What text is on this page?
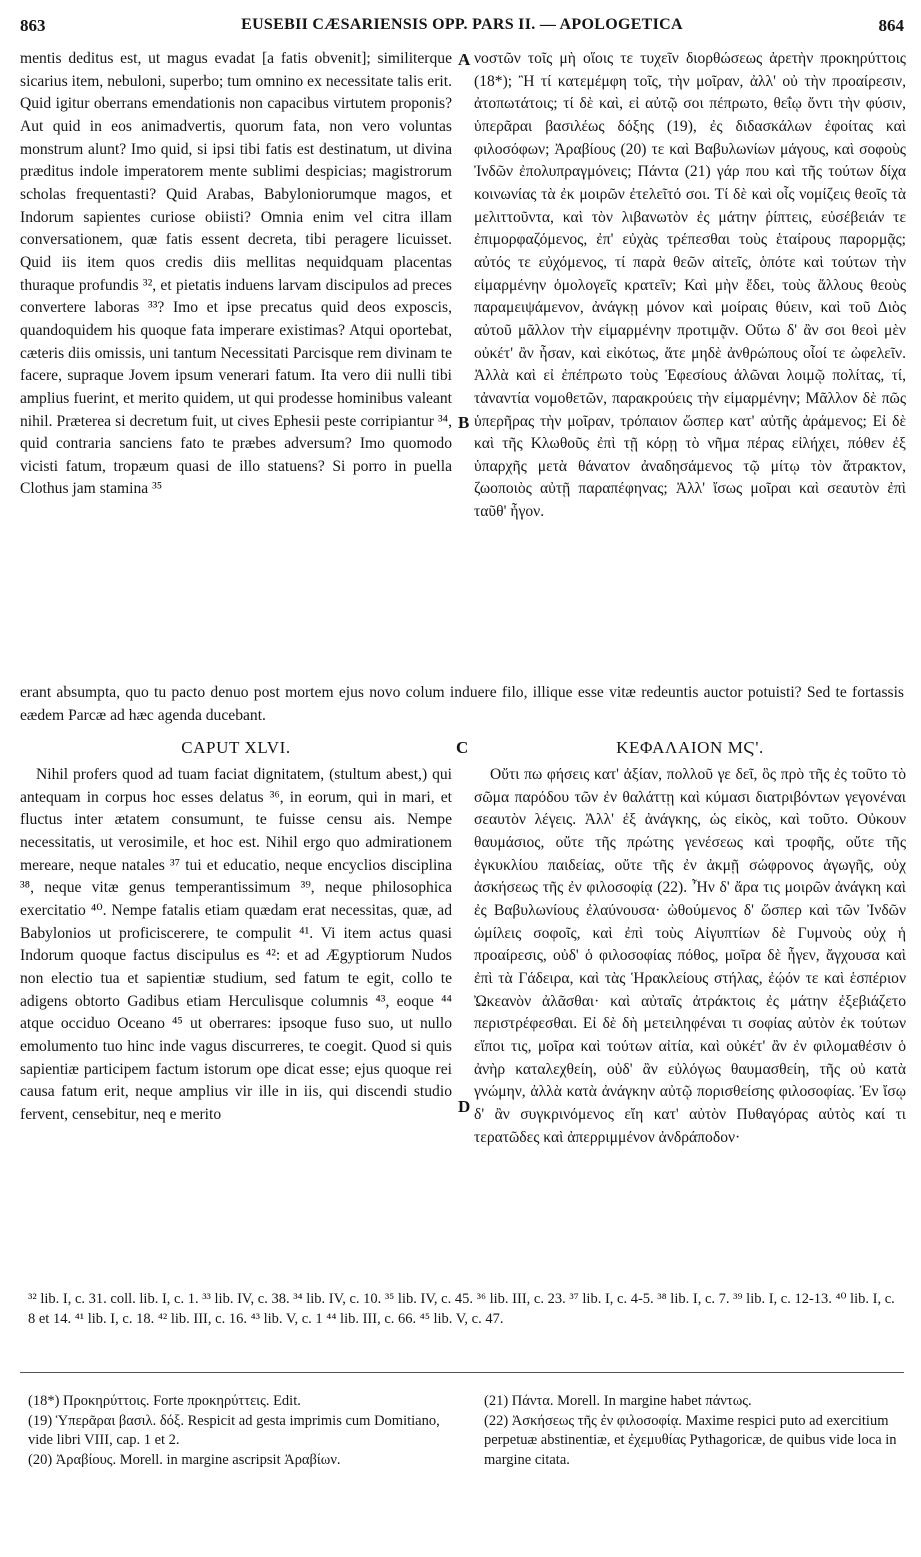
863	EUSEBII CÆSARIENSIS OPP. PARS II. — APOLOGETICA	864

mentis deditus est, ut magus evadat [a fatis obvenit]; similiterque sicarius item, nebuloni, superbo; tum omnino ex necessitate talis erit. Quid igitur oberrans emendationis non capacibus virtutem proponis? Aut quid in eos animadvertis, quorum fata, non vero voluntas monstrum alunt? Imo quid, si ipsi tibi fatis est destinatum, ut divina præditus indole imperatorem mente sublimi despicias; magistrorum scholas frequentasti? Quid Arabas, Babyloniorumque magos, et Indorum sapientes curiose obiisti? Omnia enim vel citra illam conversationem, quæ fatis essent decreta, tibi peragere licuisset. Quid iis item quos credis diis mellitas nequidquam placentas thuraque profundis ³², et pietatis induens larvam discipulos ad preces convertere laboras ³³? Imo et ipse precatus quid deos exposcis, quandoquidem his quoque fata imperare existimas? Atqui oportebat, cæteris diis omissis, uni tantum Necessitati Parcisque rem divinam te facere, supraque Jovem ipsum venerari fatum. Ita vero dii nulli tibi amplius fuerint, et merito quidem, ut qui prodesse hominibus valeant nihil. Præterea si decretum fuit, ut cives Ephesii peste corripiantur ³⁴, quid contraria sanciens fato te præbes adversum? Imo quomodo vicisti fatum, tropæum quasi de illo statuens? Si porro in puella Clothus jam stamina ³⁵

A
B

νοστῶν τοῖς μὴ οἵοις τε τυχεῖν διορθώσεως ἀρετὴν προκηρύττοις (18*); Ἢ τί κατεμέμφη τοῖς, τὴν μοῖραν, ἀλλ' οὐ τὴν προαίρεσιν, ἀτοπωτάτοις; τί δὲ καὶ, εἰ αὐτῷ σοι πέπρωτο, θεΐῳ ὄντι τὴν φύσιν, ὑπερᾶραι βασιλέως δόξης (19), ἐς διδασκάλων ἐφοίτας καὶ φιλοσόφων; Ἀραβίους (20) τε καὶ Βαβυλωνίων μάγους, καὶ σοφοὺς Ἰνδῶν ἐπολυπραγμόνεις; Πάντα (21) γάρ που καὶ τῆς τούτων δίχα κοινωνίας τὰ ἐκ μοιρῶν ἐτελεῖτό σοι. Τί δὲ καὶ οἷς νομίζεις θεοῖς τὰ μελιττοῦντα, καὶ τὸν λιβανωτὸν ἐς μάτην ῥίπτεις, εὐσέβειάν τε ἐπιμορφαζόμενος, ἐπ' εὐχὰς τρέπεσθαι τοὺς ἑταίρους παρορμᾷς; αὐτός τε εὐχόμενος, τί παρὰ θεῶν αἰτεῖς, ὁπότε καὶ τούτων τὴν εἱμαρμένην ὁμολογεῖς κρατεῖν; Καὶ μὴν ἔδει, τοὺς ἄλλους θεοὺς παραμειψάμενον, ἀνάγκῃ μόνον καὶ μοίραις θύειν, καὶ τοῦ Διὸς αὐτοῦ μᾶλλον τὴν εἱμαρμένην προτιμᾷν. Οὕτω δ' ἂν σοι θεοὶ μὲν οὐκέτ' ἂν ἦσαν, καὶ εἰκότως, ἅτε μηδὲ ἀνθρώπους οἷοί τε ὠφελεῖν. Ἀλλὰ καὶ εἰ ἐπέπρωτο τοὺς Ἐφεσίους ἁλῶναι λοιμῷ πολίτας, τί, τἀναντία νομοθετῶν, παρακρούεις τὴν εἱμαρμένην; Μᾶλλον δὲ πῶς ὑπερῆρας τὴν μοῖραν, τρόπαιον ὥσπερ κατ' αὐτῆς ἀράμενος; Εἰ δὲ καὶ τῆς Κλωθοῦς ἐπὶ τῇ κόρῃ τὸ νῆμα πέρας εἰλήχει, πόθεν ἐξ ὑπαρχῆς μετὰ θάνατον ἀναδησάμενος τῷ μίτῳ τὸν ἄτρακτον, ζωοποιὸς αὐτῇ παραπέφηνας; Ἀλλ' ἴσως μοῖραι καὶ σεαυτὸν ἐπὶ ταῦθ' ἦγον.

erant absumpta, quo tu pacto denuo post mortem ejus novo colum induere filo, illique esse vitæ redeuntis auctor potuisti? Sed te fortassis eædem Parcæ ad hæc agenda ducebant.

CAPUT XLVI.	C	ΚΕΦΑΛΑΙΟΝ ΜϚ'.

Nihil profers quod ad tuam faciat dignitatem, (stultum abest,) qui antequam in corpus hoc esses delatus ³⁶, in eorum, qui in mari, et fluctus inter ætatem consumunt, te fuisse censu ais. Nempe necessitatis, ut verosimile, et hoc est. Nihil ergo quo admirationem mereare, neque natales ³⁷ tui et educatio, neque encyclios disciplina ³⁸, neque vitæ genus temperantissimum ³⁹, neque philosophica exercitatio ⁴⁰. Nempe fatalis etiam quædam erat necessitas, quæ, ad Babylonios ut proficiscerere, te compulit ⁴¹. Vi item actus quasi Indorum quoque factus discipulus es ⁴²: et ad Ægyptiorum Nudos non electio tua et sapientiæ studium, sed fatum te egit, collo te adigens obtorto Gadibus etiam Herculisque columnis ⁴³, eoque ⁴⁴ atque occiduo Oceano ⁴⁵ ut oberrares: ipsoque fuso suo, ut nullo emolumento tuo hinc inde vagus discurreres, te coegit. Quod si quis sapientiæ participem factum istorum ope dicat esse; ejus quoque rei causa fatum erit, neque amplius vir ille in iis, qui discendi studio fervent, censebitur, neq e merito	D

Οὔτι πω φήσεις κατ' ἀξίαν, πολλοῦ γε δεῖ, ὃς πρὸ τῆς ἐς τοῦτο τὸ σῶμα παρόδου τῶν ἐν θαλάττῃ καὶ κύμασι διατριβόντων γεγονέναι σεαυτὸν λέγεις. Ἀλλ' ἐξ ἀνάγκης, ὡς εἰκὸς, καὶ τοῦτο. Οὐκουν θαυμάσιος, οὔτε τῆς πρώτης γενέσεως καὶ τροφῆς, οὔτε τῆς ἐγκυκλίου παιδείας, οὔτε τῆς ἐν ἀκμῇ σώφρονος ἀγωγῆς, οὐχ ἀσκήσεως τῆς ἐν φιλοσοφίᾳ (22). Ἦν δ' ἄρα τις μοιρῶν ἀνάγκη καὶ ἐς Βαβυλωνίους ἐλαύνουσα· ὠθούμενος δ' ὥσπερ καὶ τῶν Ἰνδῶν ὡμίλεις σοφοῖς, καὶ ἐπὶ τοὺς Αἰγυπτίων δὲ Γυμνοὺς οὐχ ἡ προαίρεσις, οὐδ' ὁ φιλοσοφίας πόθος, μοῖρα δὲ ἦγεν, ἄγχουσα καὶ ἐπὶ τὰ Γάδειρα, καὶ τὰς Ἡρακλείους στήλας, ἐῴόν τε καὶ ἑσπέριον Ὠκεανὸν ἀλᾶσθαι· καὶ αὐταῖς ἀτράκτοις ἐς μάτην ἐξεβιάζετο περιστρέφεσθαι. Εἰ δὲ δὴ μετειληφέναι τι σοφίας αὐτὸν ἐκ τούτων εἴποι τις, μοῖρα καὶ τούτων αἰτία, καὶ οὐκέτ' ἂν ἐν φιλομαθέσιν ὁ ἀνὴρ καταλεχθείη, οὐδ' ἂν εὐλόγως θαυμασθείη, τῆς οὐ κατὰ γνώμην, ἀλλὰ κατὰ ἀνάγκην αὐτῷ πορισθείσης φιλοσοφίας. Ἐν ἴσῳ δ' ἂν συγκρινόμενος εἴη κατ' αὐτὸν Πυθαγόρας αὐτὸς καί τι τερατῶδες καὶ ἀπερριμμένον ἀνδράποδον·

³² lib. I, c. 31. coll. lib. I, c. 1. ³³ lib. IV, c. 38. ³⁴ lib. IV, c. 10. ³⁵ lib. IV, c. 45. ³⁶ lib. III, c. 23. ³⁷ lib. I, c. 4-5. ³⁸ lib. I, c. 7. ³⁹ lib. I, c. 12-13. ⁴⁰ lib. I, c. 8 et 14. ⁴¹ lib. I, c. 18. ⁴² lib. III, c. 16. ⁴³ lib. V, c. 1 ⁴⁴ lib. III, c. 66. ⁴⁵ lib. V, c. 47.

(18*) Προκηρύττοις. Forte προκηρύττεις. Edit.

(19) Ὑπερᾶραι βασιλ. δόξ. Respicit ad gesta imprimis cum Domitiano, vide libri VIII, cap. 1 et 2.

(20) Ἀραβίους. Morell. in margine ascripsit Ἀραβίων.

(21) Πάντα. Morell. In margine habet πάντως.

(22) Ἀσκήσεως τῆς ἐν φιλοσοφίᾳ. Maxime respici puto ad exercitium perpetuæ abstinentiæ, et ἐχεμυθίας Pythagoricæ, de quibus vide loca in margine citata.
